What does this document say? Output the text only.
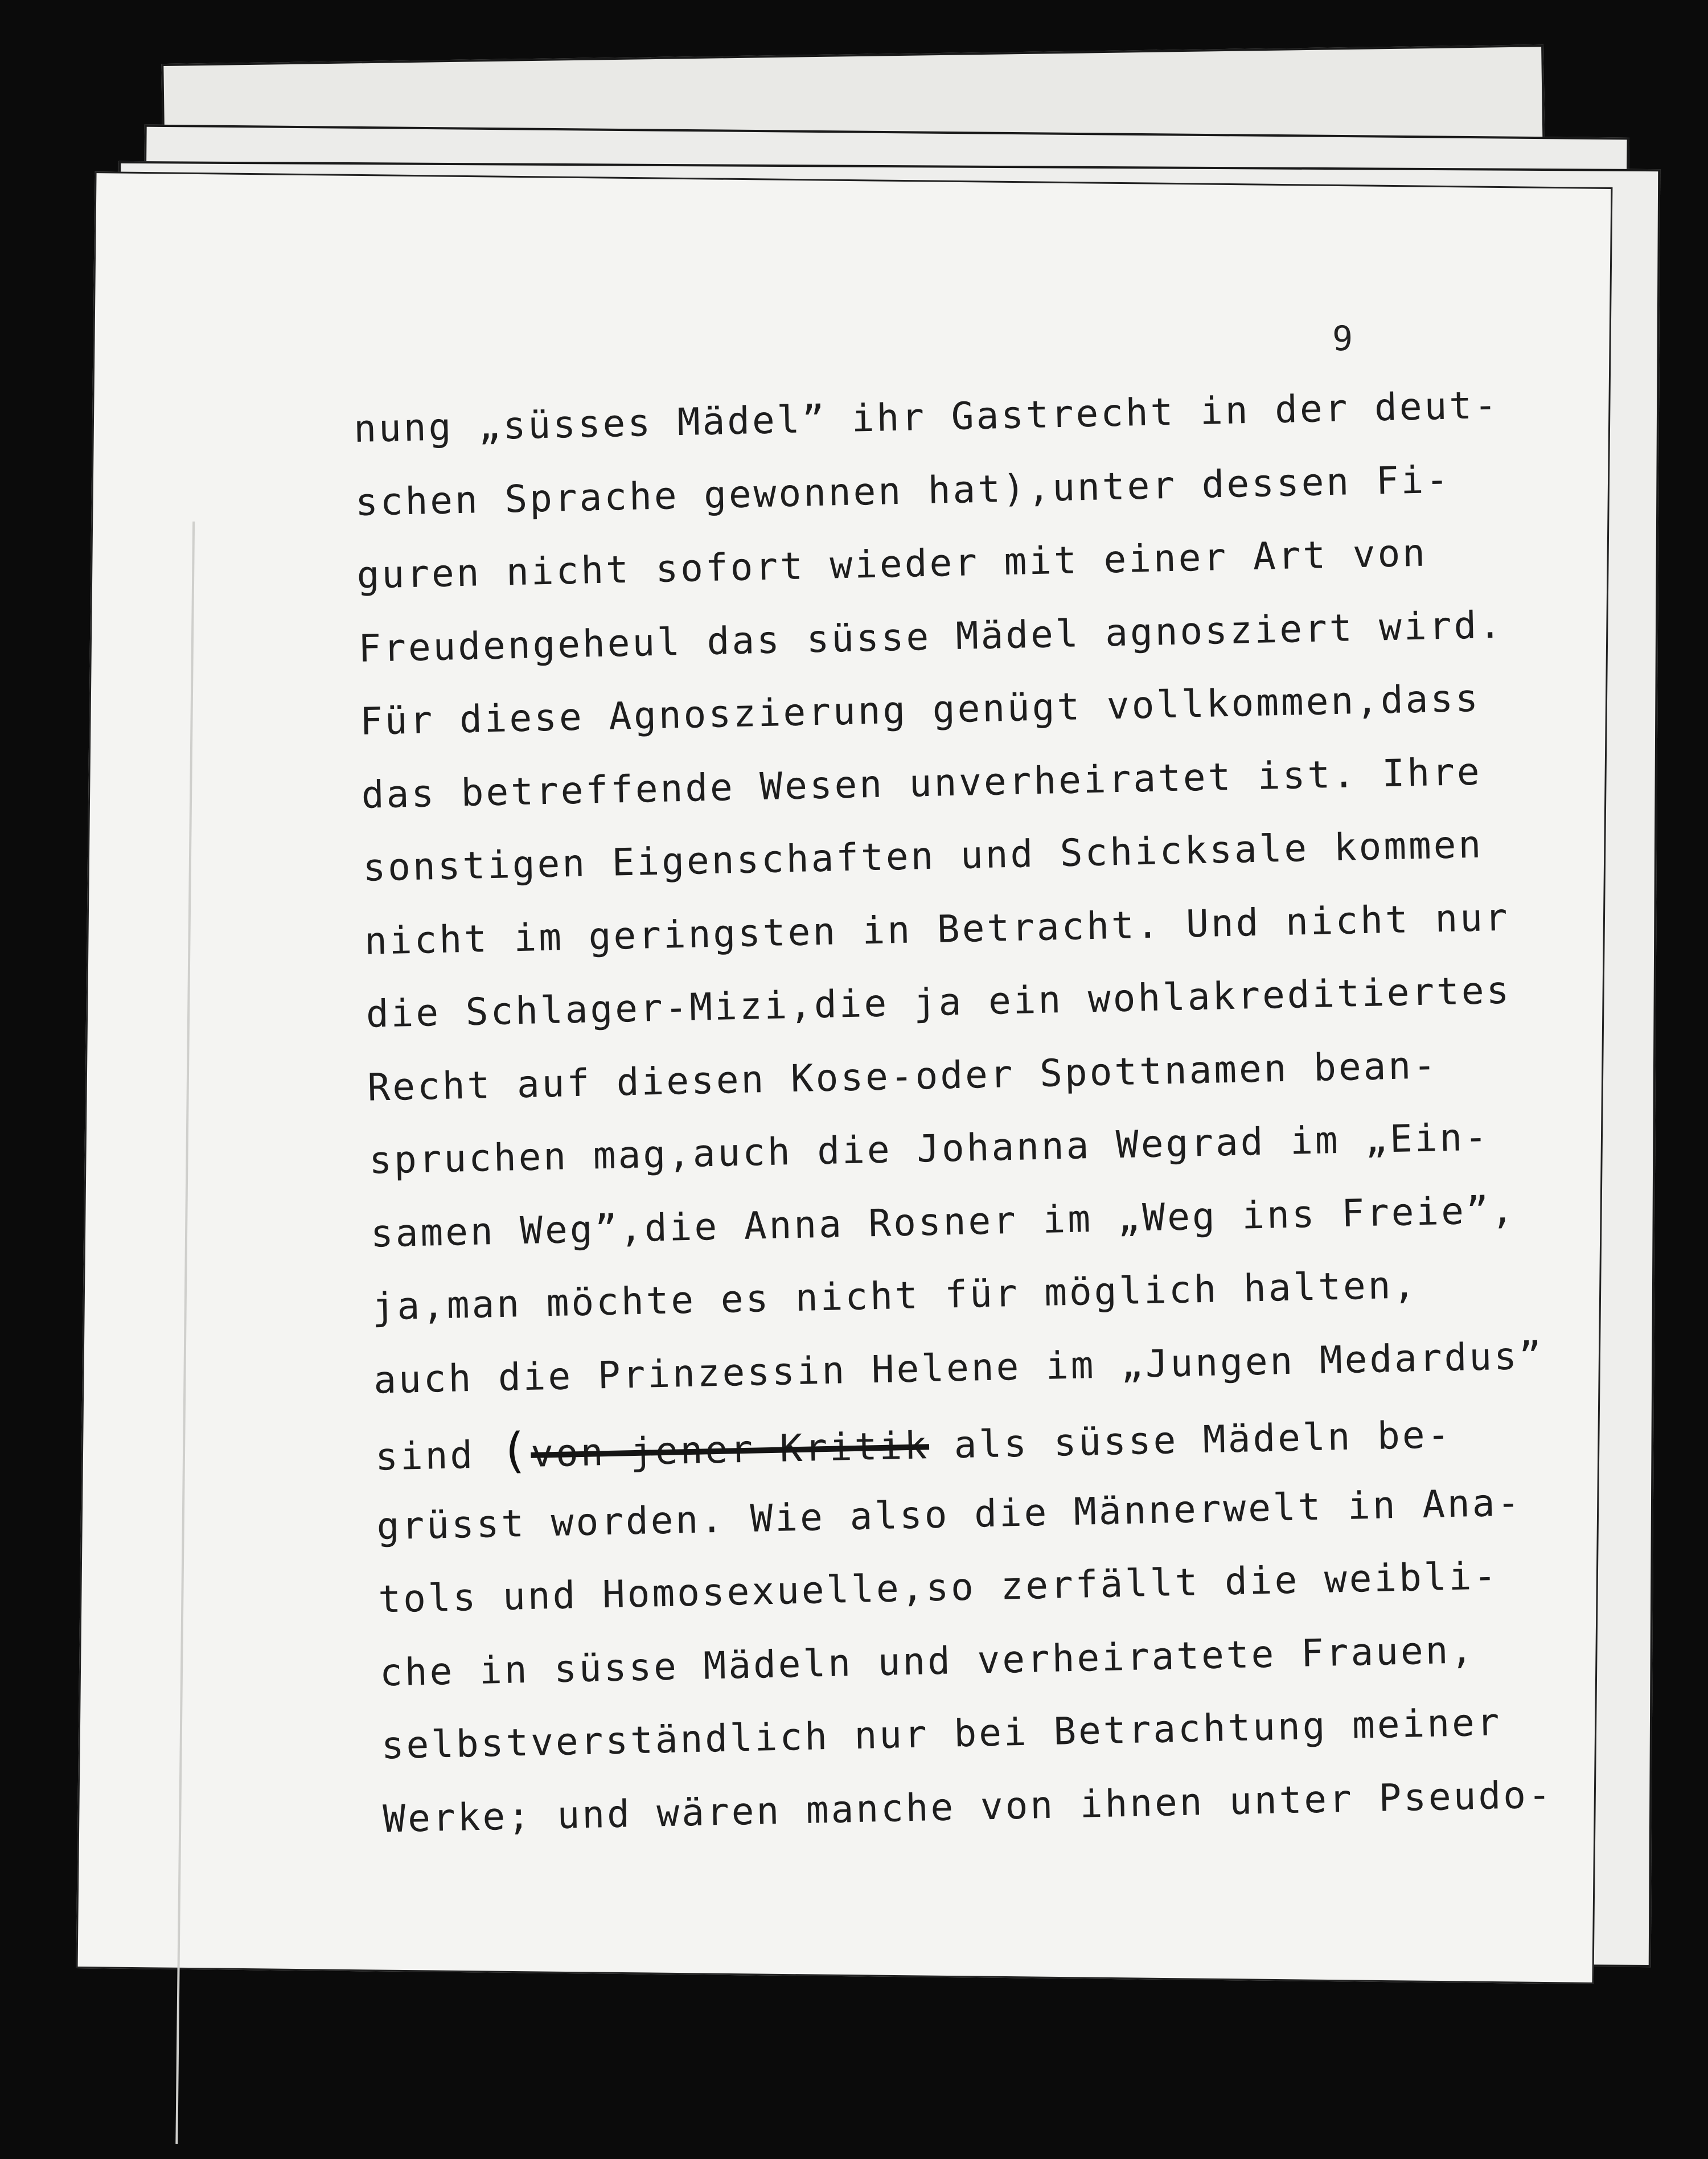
9
nung „süsses Mädel” ihr Gastrecht in der deut-
schen Sprache gewonnen hat),unter dessen Fi-
guren nicht sofort wieder mit einer Art von
Freudengeheul das süsse Mädel agnosziert wird.
Für diese Agnoszierung genügt vollkommen,dass
das betreffende Wesen unverheiratet ist. Ihre
sonstigen Eigenschaften und Schicksale kommen
nicht im geringsten in Betracht. Und nicht nur
die Schlager-Mizi,die ja ein wohlakreditiertes
Recht auf diesen Kose-oder Spottnamen bean-
spruchen mag,auch die Johanna Wegrad im „Ein-
samen Weg”,die Anna Rosner im „Weg ins Freie”,
ja,man möchte es nicht für möglich halten,
auch die Prinzessin Helene im „Jungen Medardus”
sind (von jener Kritik als süsse Mädeln be-
grüsst worden. Wie also die Männerwelt in Ana-
tols und Homosexuelle,so zerfällt die weibli-
che in süsse Mädeln und verheiratete Frauen,
selbstverständlich nur bei Betrachtung meiner
Werke; und wären manche von ihnen unter Pseudo-
